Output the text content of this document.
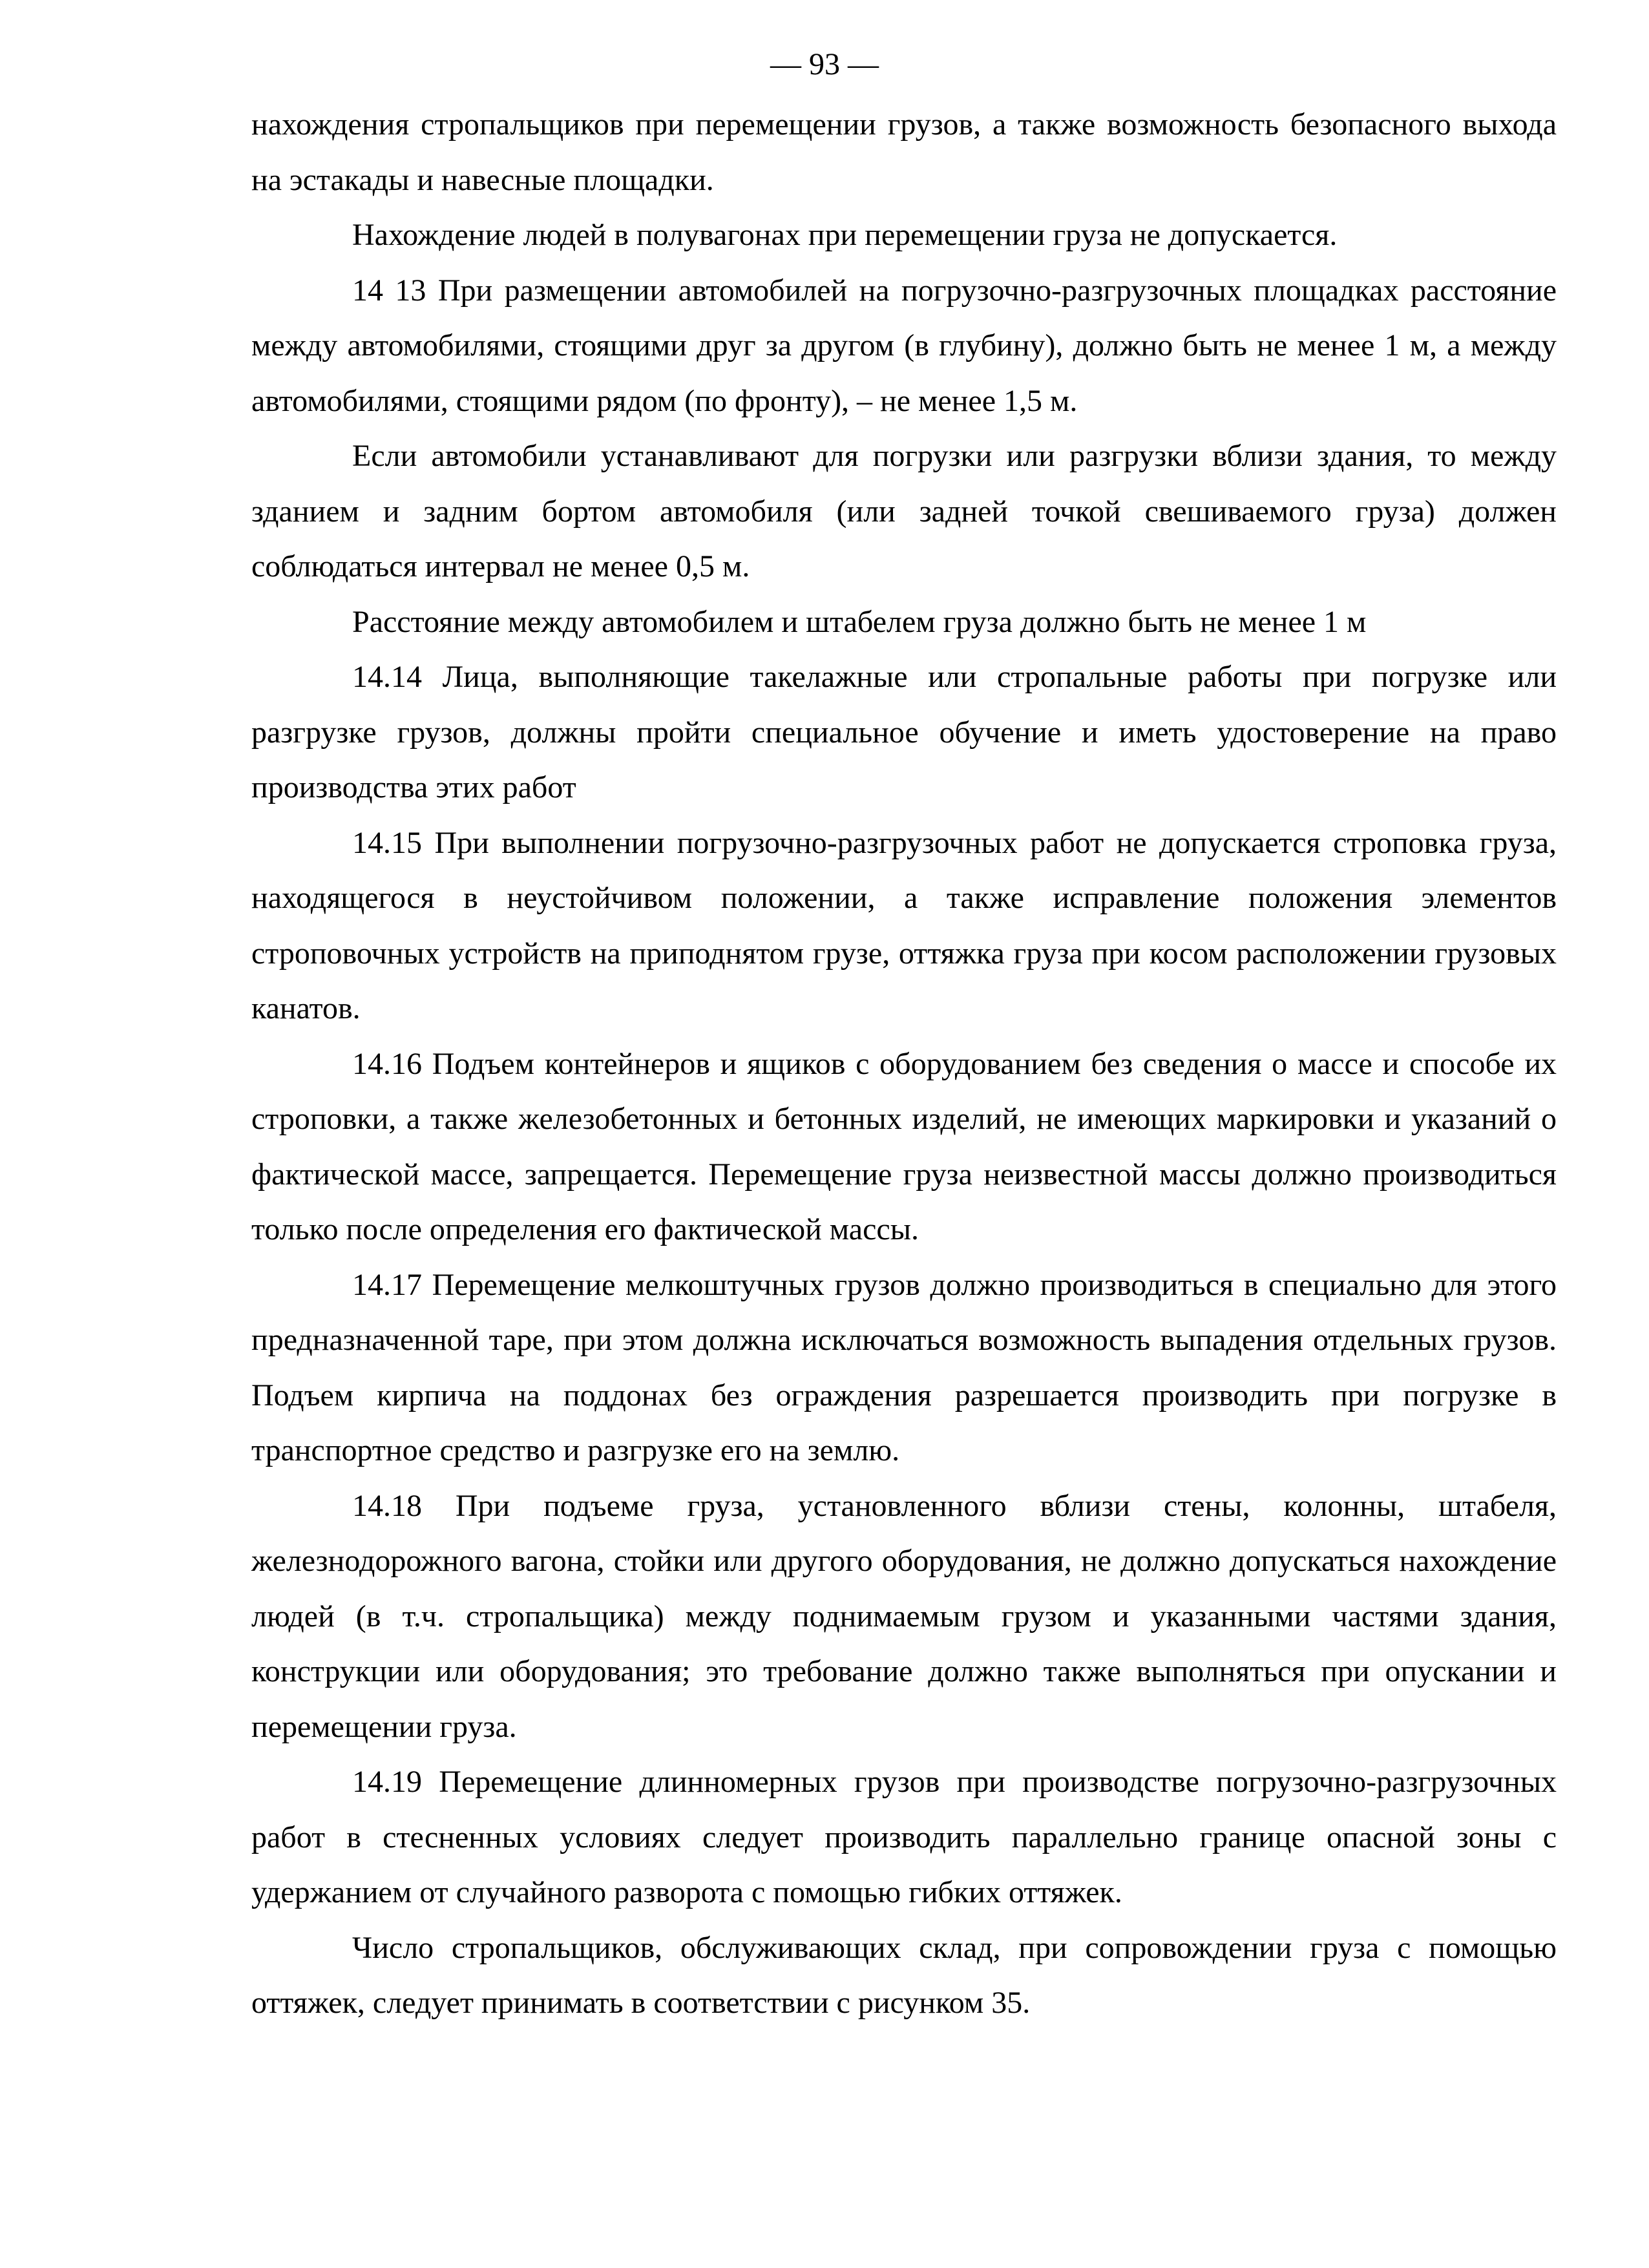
— 93 —

нахождения стропальщиков при перемещении грузов, а также возможность безопасного выхода на эстакады и навесные площадки.

Нахождение людей в полувагонах при перемещении груза не допускается.

14 13 При размещении автомобилей на погрузочно-разгрузочных площадках расстояние между автомобилями, стоящими друг за другом (в глубину), должно быть не менее 1 м, а между автомобилями, стоящими рядом (по фронту), – не менее 1,5 м.

Если автомобили устанавливают для погрузки или разгрузки вблизи здания, то между зданием и задним бортом автомобиля (или задней точкой свешиваемого груза) должен соблюдаться интервал не менее 0,5 м.

Расстояние между автомобилем и штабелем груза должно быть не менее 1 м

14.14 Лица, выполняющие такелажные или стропальные работы при погрузке или разгрузке грузов, должны пройти специальное обучение и иметь удостоверение на право производства этих работ

14.15 При выполнении погрузочно-разгрузочных работ не допускается строповка груза, находящегося в неустойчивом положении, а также исправление положения элементов строповочных устройств на приподнятом грузе, оттяжка груза при косом расположении грузовых канатов.

14.16 Подъем контейнеров и ящиков с оборудованием без сведения о массе и способе их строповки, а также железобетонных и бетонных изделий, не имеющих маркировки и указаний о фактической массе, запрещается. Перемещение груза неизвестной массы должно производиться только после определения его фактической массы.

14.17 Перемещение мелкоштучных грузов должно производиться в специально для этого предназначенной таре, при этом должна исключаться возможность выпадения отдельных грузов. Подъем кирпича на поддонах без ограждения разрешается производить при погрузке в транспортное средство и разгрузке его на землю.

14.18 При подъеме груза, установленного вблизи стены, колонны, штабеля, железнодорожного вагона, стойки или другого оборудования, не должно допускаться нахождение людей (в т.ч. стропальщика) между поднимаемым грузом и указанными частями здания, конструкции или оборудования; это требование должно также выполняться при опускании и перемещении груза.

14.19 Перемещение длинномерных грузов при производстве погрузочно-разгрузочных работ в стесненных условиях следует производить параллельно границе опасной зоны с удержанием от случайного разворота с помощью гибких оттяжек.

Число стропальщиков, обслуживающих склад, при сопровождении груза с помощью оттяжек, следует принимать в соответствии с рисунком 35.
